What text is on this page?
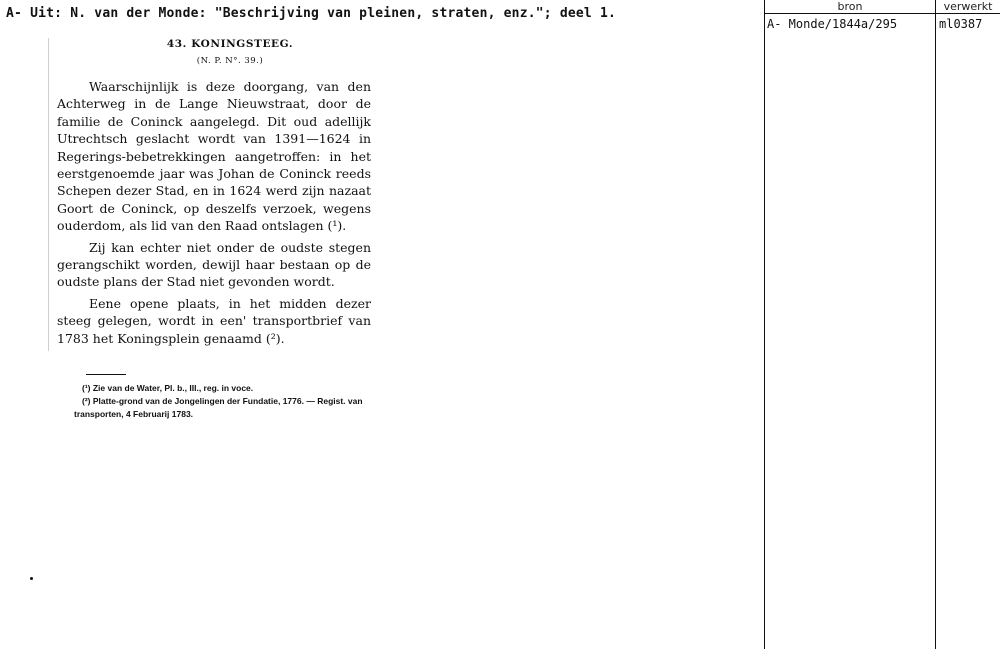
A- Uit: N. van der Monde: "Beschrijving van pleinen, straten, enz."; deel 1.
43. KONINGSTEEG.
(N. P. N°. 39.)

Waarschijnlijk is deze doorgang, van den Achterweg in de Lange Nieuwstraat, door de familie de Coninck aangelegd. Dit oud adellijk Utrechtsch geslacht wordt van 1391—1624 in Regerings-bebetrekkingen aangetroffen: in het eerstgenoemde jaar was Johan de Coninck reeds Schepen dezer Stad, en in 1624 werd zijn nazaat Goort de Coninck, op deszelfs verzoek, wegens ouderdom, als lid van den Raad ontslagen (¹).

Zij kan echter niet onder de oudste stegen gerangschikt worden, dewijl haar bestaan op de oudste plans der Stad niet gevonden wordt.

Eene opene plaats, in het midden dezer steeg gelegen, wordt in een' transportbrief van 1783 het Koningsplein genaamd (²).

(¹) Zie van de Water, Pl. b., III., reg. in voce.

(²) Platte-grond van de Jongelingen der Fundatie, 1776. — Regist. van transporten, 4 Februarij 1783.

bron	verwerkt
A- Monde/1844a/295	ml0387
